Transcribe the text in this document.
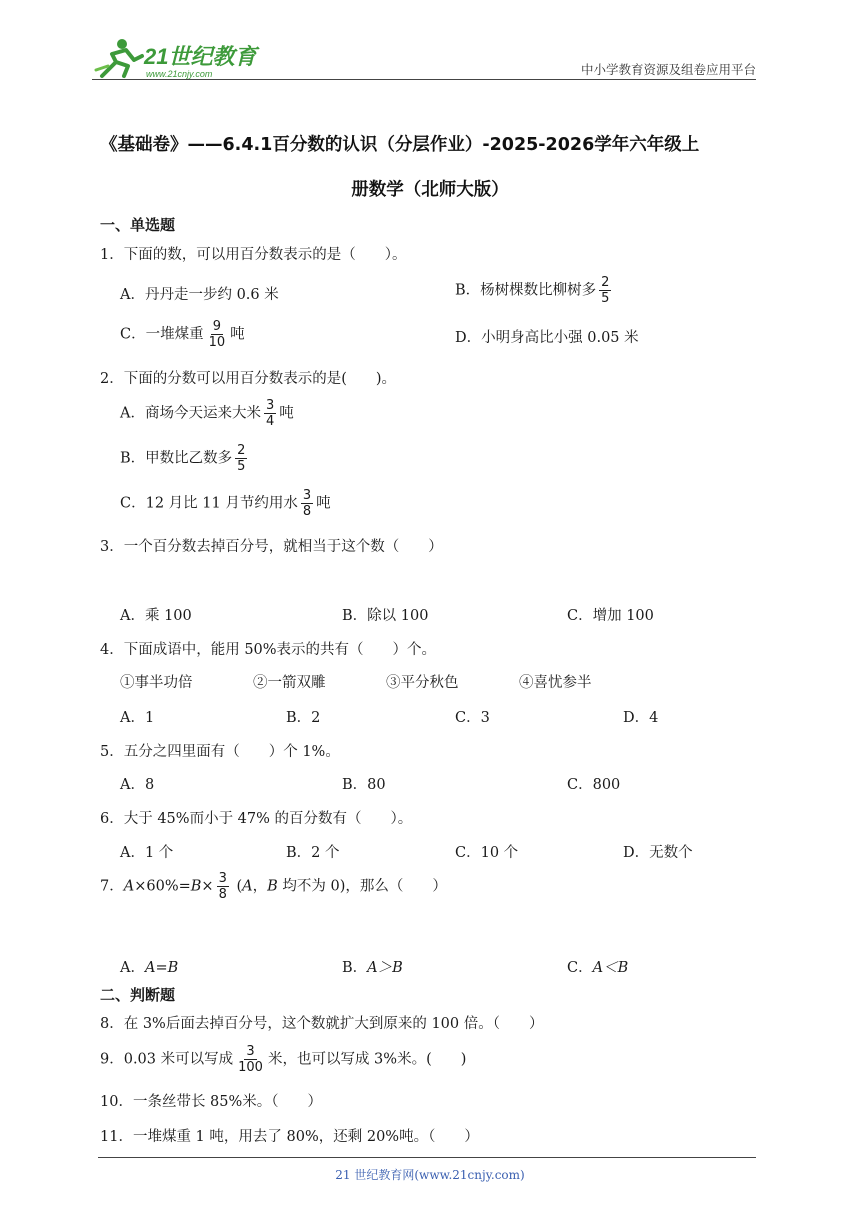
21世纪教育
www.21cnjy.com	中小学教育资源及组卷应用平台
《基础卷》——6.4.1百分数的认识（分层作业）-2025-2026学年六年级上
册数学（北师大版）
一、单选题
1．下面的数，可以用百分数表示的是（　　）。
A．丹丹走一步约 0.6 米	B．杨树棵数比柳树多 $\frac{2}{5}$
C．一堆煤重 $\frac{9}{10}$ 吨	D．小明身高比小强 0.05 米
2．下面的分数可以用百分数表示的是(　　)。
A．商场今天运来大米 $\frac{3}{4}$ 吨
B．甲数比乙数多 $\frac{2}{5}$
C．12 月比 11 月节约用水 $\frac{3}{8}$ 吨
3．一个百分数去掉百分号，就相当于这个数（　　）
A．乘 100	B．除以 100	C．增加 100
4．下面成语中，能用 50%表示的共有（　　）个。
①事半功倍	②一箭双雕	③平分秋色	④喜忧参半
A．1	B．2	C．3	D．4
5．五分之四里面有（　　）个 1%。
A．8	B．80	C．800
6．大于 45%而小于 47% 的百分数有（　　）。
A．1 个	B．2 个	C．10 个	D．无数个
7．$A\times 60\%=B\times \frac{3}{8} (A$，B 均不为 0)，那么（　　）
A．A=B	B．A＞B	C．A＜B
二、判断题
8．在 3%后面去掉百分号，这个数就扩大到原来的 100 倍。（　　）
9．0.03 米可以写成 $\frac{3}{100}$ 米，也可以写成 3%米。(　　)
10．一条丝带长 85%米。（　　）
11．一堆煤重 1 吨，用去了 80%，还剩 20%吨。（　　）
21 世纪教育网(www.21cnjy.com)
